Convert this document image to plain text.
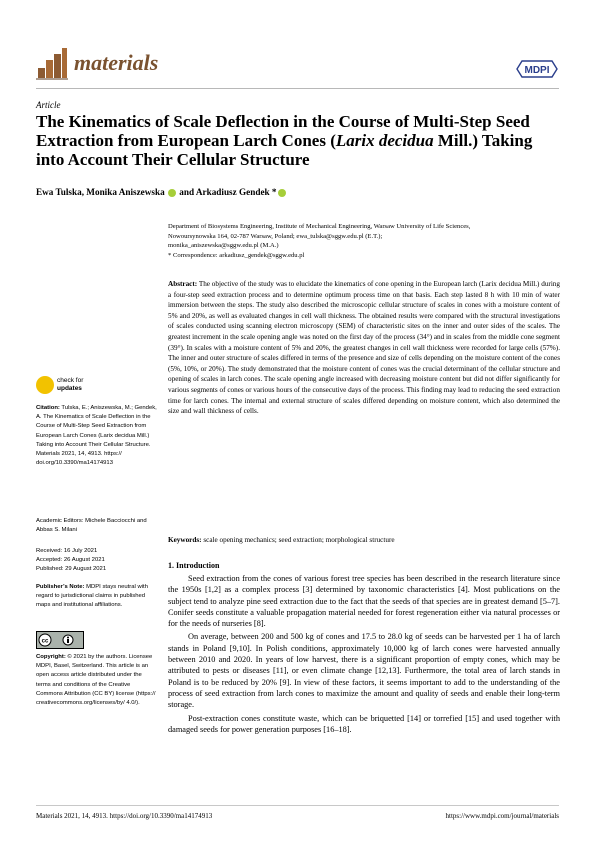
materials	MDPI
Article
The Kinematics of Scale Deflection in the Course of Multi-Step Seed Extraction from European Larch Cones (Larix decidua Mill.) Taking into Account Their Cellular Structure
Ewa Tulska, Monika Aniszewska and Arkadiusz Gendek *
Department of Biosystems Engineering, Institute of Mechanical Engineering, Warsaw University of Life Sciences,
Nowoursynowska 164, 02-787 Warsaw, Poland; ewa_tulska@sggw.edu.pl (E.T.);
monika_aniszewska@sggw.edu.pl (M.A.)
* Correspondence: arkadiusz_gendek@sggw.edu.pl
Abstract: The objective of the study was to elucidate the kinematics of cone opening in the European larch (Larix decidua Mill.) during a four-step seed extraction process and to determine optimum process time on that basis. Each step lasted 8 h with 10 min of water immersion between the steps. The study also described the microscopic cellular structure of scales in cones with a moisture content of 5% and 20%, as well as evaluated changes in cell wall thickness. The obtained results were compared with the structural investigations of scales conducted using scanning electron microscopy (SEM) of characteristic sites on the inner and outer sides of the scales. The greatest increment in the scale opening angle was noted on the first day of the process (34°) and in scales from the middle cone segment (39°). In scales with a moisture content of 5% and 20%, the greatest changes in cell wall thickness were recorded for large cells (57%). The inner and outer structure of scales differed in terms of the presence and size of cells depending on the moisture content of the cones (5%, 10%, or 20%). The study demonstrated that the moisture content of cones was the crucial determinant of the cellular structure and opening of scales in larch cones. The scale opening angle increased with decreasing moisture content but did not differ significantly for various segments of cones or various hours of the consecutive days of the process. This finding may lead to reducing the seed extraction time for larch cones. The internal and external structure of scales differed depending on moisture content, which also determined the size and wall thickness of cells.
Keywords: scale opening mechanics; seed extraction; morphological structure
1. Introduction

Seed extraction from the cones of various forest tree species has been described in the research literature since the 1950s [1,2] as a complex process [3] determined by taxonomic characteristics [4]. Most publications on the subject tend to analyze pine seed extraction due to the fact that the seeds of that species are in greatest demand [5–7]. Conifer seeds constitute a valuable propagation material needed for forest regeneration either via natural processes or for the needs of nurseries [8].

On average, between 200 and 500 kg of cones and 17.5 to 28.0 kg of seeds can be harvested per 1 ha of larch stands in Poland [9,10]. In Polish conditions, approximately 10,000 kg of larch cones were harvested annually between 2010 and 2020. In years of low harvest, there is a significant proportion of empty cones, which may be attributed to pests or diseases [11], or even climate change [12,13]. Furthermore, the total area of larch stands in Poland is to be reduced by 20% [9]. In view of these factors, it seems important to add to the understanding of the process of seed extraction from larch cones to maximize the amount and quality of seeds and enable their long-term storage.

Post-extraction cones constitute waste, which can be briquetted [14] or torrefied [15] and used together with damaged seeds for power generation purposes [16–18].

check for
updates
Citation: Tulska, E.; Aniszewska, M.; Gendek, A. The Kinematics of Scale Deflection in the Course of Multi-Step Seed Extraction from European Larch Cones (Larix decidua Mill.) Taking into Account Their Cellular Structure. Materials 2021, 14, 4913. https:// doi.org/10.3390/ma14174913
Academic Editors: Michele Bacciocchi and Abbas S. Milani
Received: 16 July 2021
Accepted: 26 August 2021
Published: 29 August 2021
Publisher’s Note: MDPI stays neutral with regard to jurisdictional claims in published maps and institutional affiliations.
cc
Copyright: © 2021 by the authors. Licensee MDPI, Basel, Switzerland. This article is an open access article distributed under the terms and conditions of the Creative Commons Attribution (CC BY) license (https:// creativecommons.org/licenses/by/ 4.0/).
Materials 2021, 14, 4913. https://doi.org/10.3390/ma14174913	https://www.mdpi.com/journal/materials
